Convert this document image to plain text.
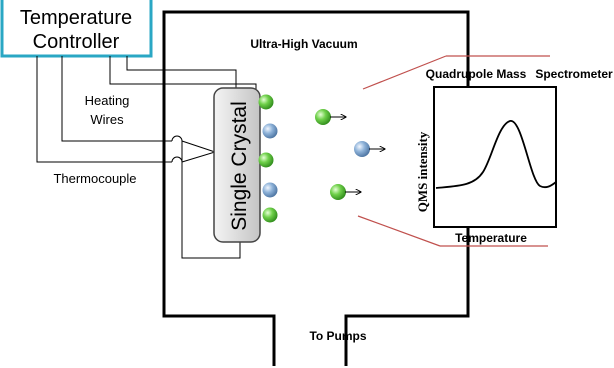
Temperature
Controller
Heating
Wires
Thermocouple
Ultra-High Vacuum
To Pumps
Single Crystal
Quadrupole Mass Spectrometer
QMS intensity
Temperature
